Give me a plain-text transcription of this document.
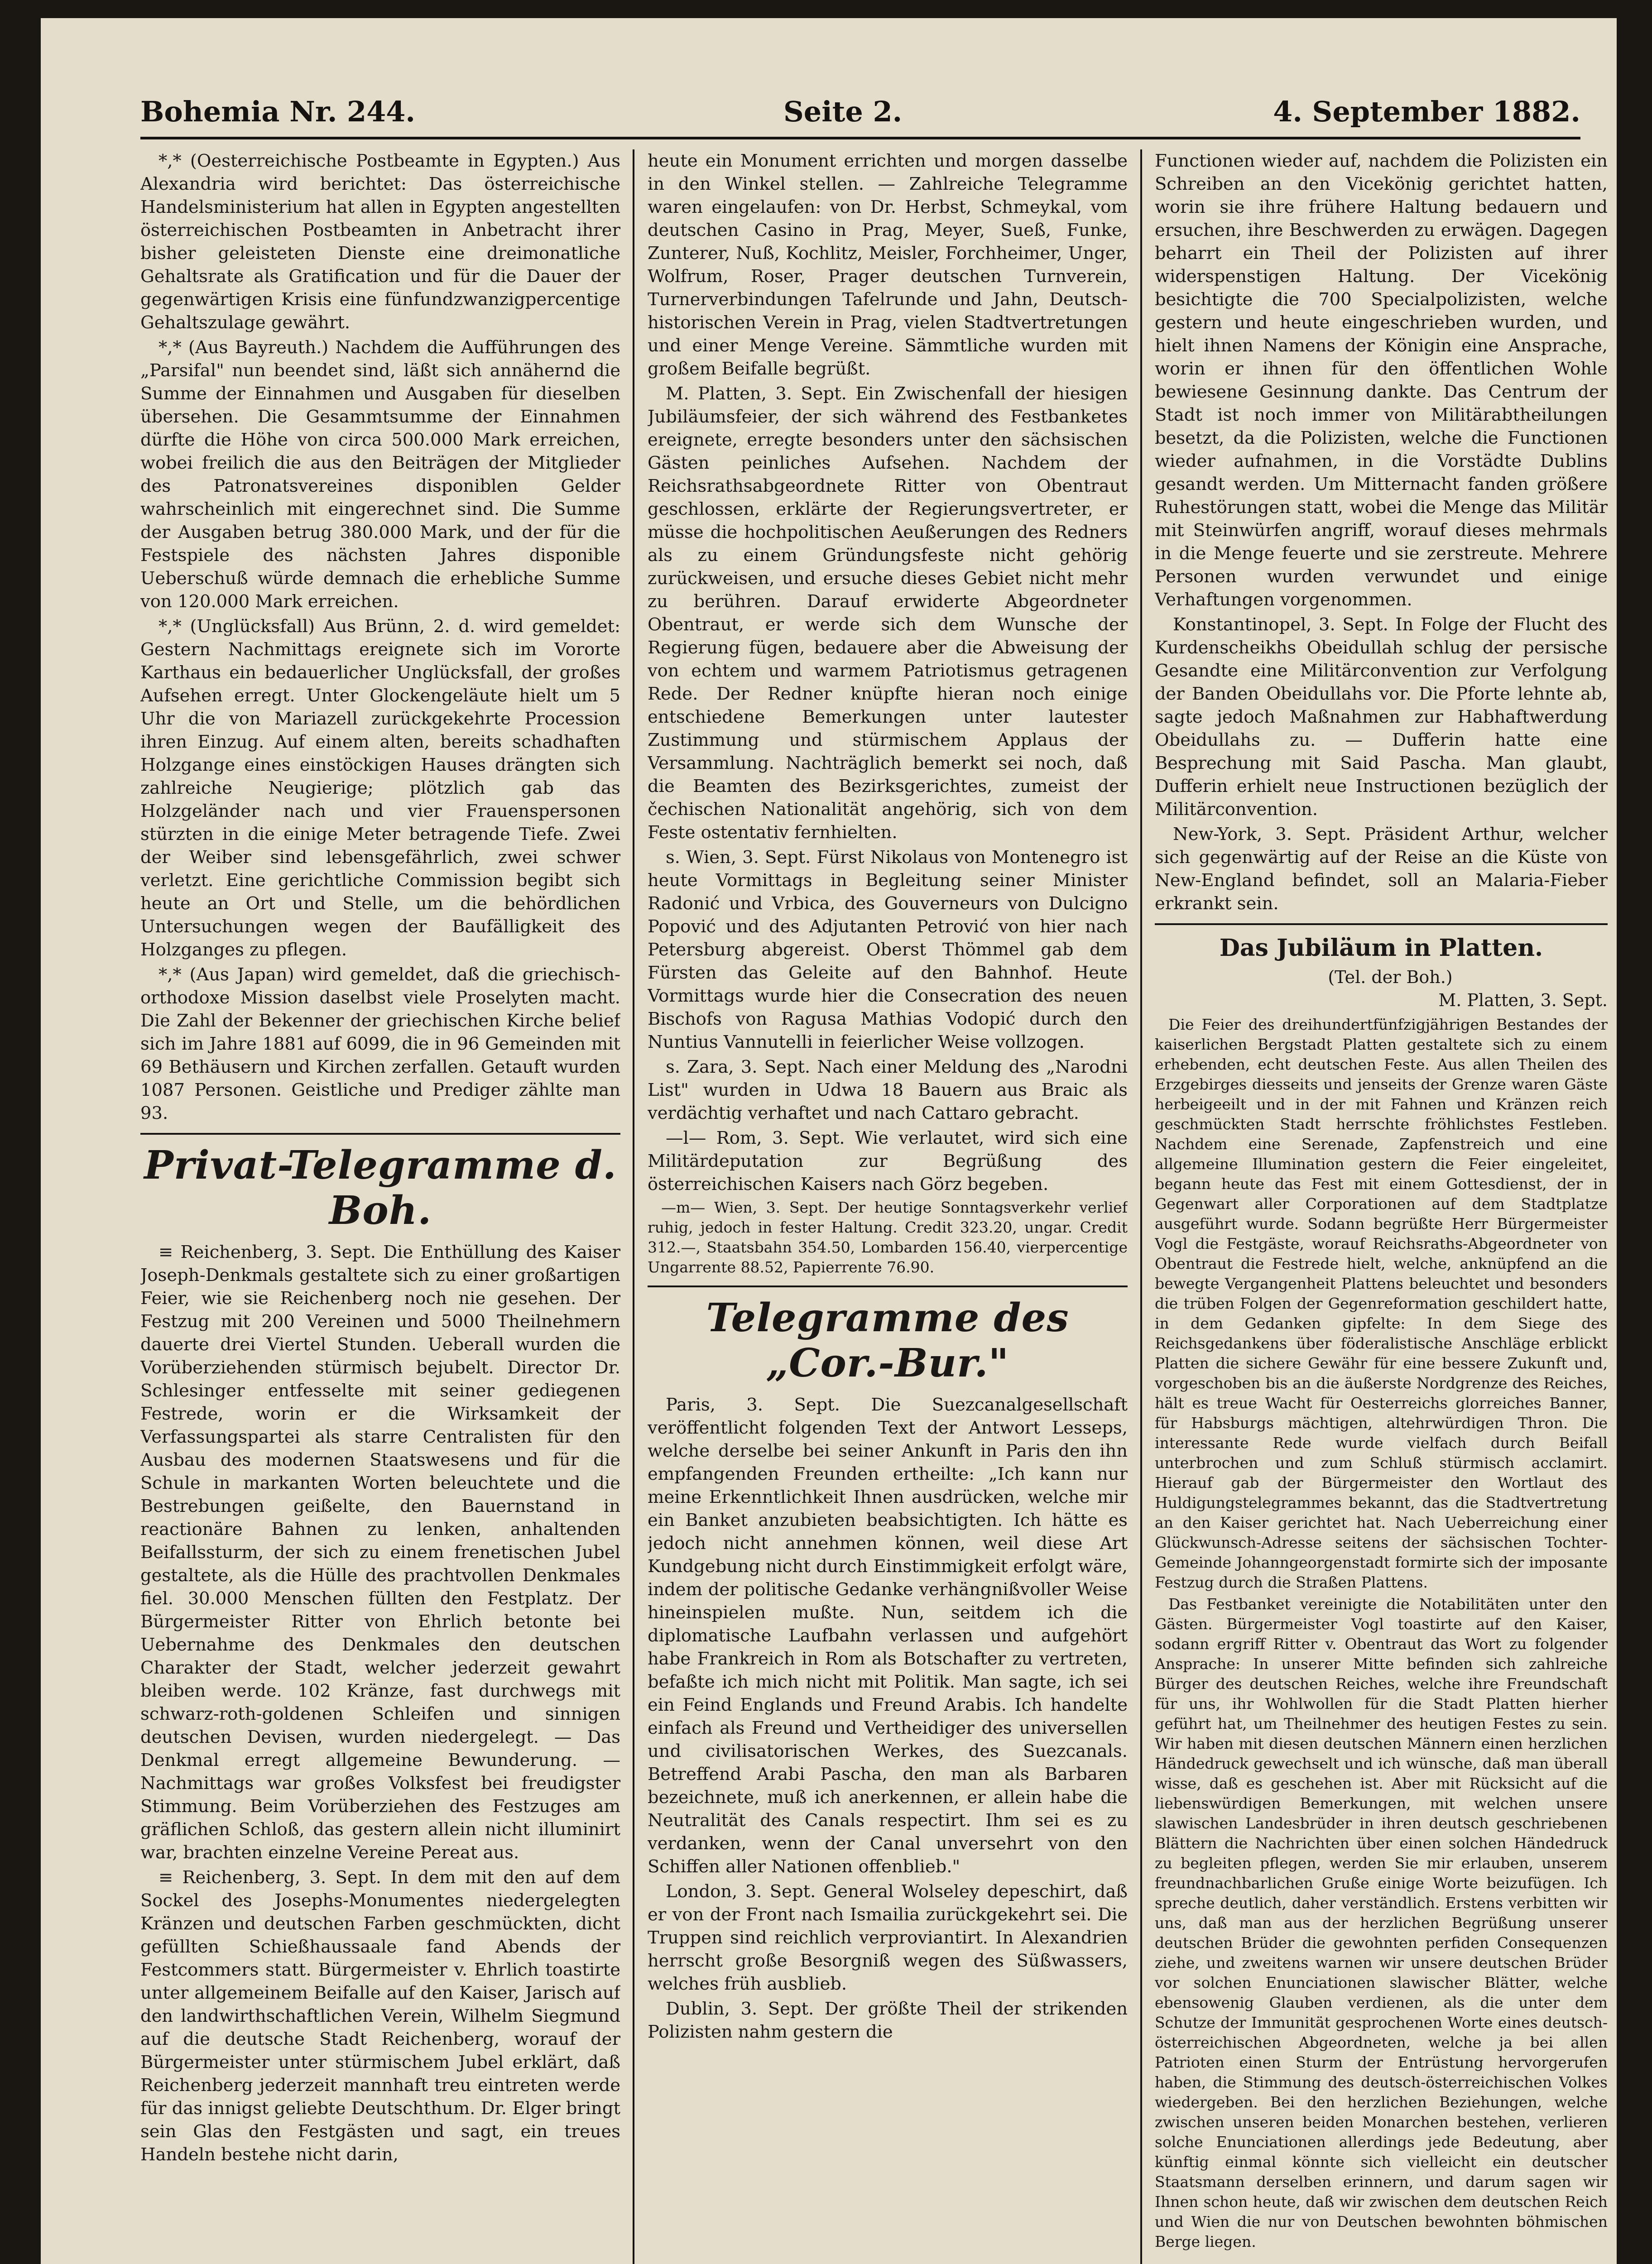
Bohemia Nr. 244.	Seite 2.	4. September 1882.

*,* (Oesterreichische Postbeamte in Egypten.) Aus Alexandria wird berichtet: Das österreichische Handelsministerium hat allen in Egypten angestellten österreichischen Postbeamten in Anbetracht ihrer bisher geleisteten Dienste eine dreimonatliche Gehaltsrate als Gratification und für die Dauer der gegenwärtigen Krisis eine fünfundzwanzigpercentige Gehaltszulage gewährt.

*,* (Aus Bayreuth.) Nachdem die Aufführungen des „Parsifal" nun beendet sind, läßt sich annähernd die Summe der Einnahmen und Ausgaben für dieselben übersehen. Die Gesammtsumme der Einnahmen dürfte die Höhe von circa 500.000 Mark erreichen, wobei freilich die aus den Beiträgen der Mitglieder des Patronatsvereines disponiblen Gelder wahrscheinlich mit eingerechnet sind. Die Summe der Ausgaben betrug 380.000 Mark, und der für die Festspiele des nächsten Jahres disponible Ueberschuß würde demnach die erhebliche Summe von 120.000 Mark erreichen.

*,* (Unglücksfall) Aus Brünn, 2. d. wird gemeldet: Gestern Nachmittags ereignete sich im Vororte Karthaus ein bedauerlicher Unglücksfall, der großes Aufsehen erregt. Unter Glockengeläute hielt um 5 Uhr die von Mariazell zurückgekehrte Procession ihren Einzug. Auf einem alten, bereits schadhaften Holzgange eines einstöckigen Hauses drängten sich zahlreiche Neugierige; plötzlich gab das Holzgeländer nach und vier Frauenspersonen stürzten in die einige Meter betragende Tiefe. Zwei der Weiber sind lebensgefährlich, zwei schwer verletzt. Eine gerichtliche Commission begibt sich heute an Ort und Stelle, um die behördlichen Untersuchungen wegen der Baufälligkeit des Holzganges zu pflegen.

*,* (Aus Japan) wird gemeldet, daß die griechisch-orthodoxe Mission daselbst viele Proselyten macht. Die Zahl der Bekenner der griechischen Kirche belief sich im Jahre 1881 auf 6099, die in 96 Gemeinden mit 69 Bethäusern und Kirchen zerfallen. Getauft wurden 1087 Personen. Geistliche und Prediger zählte man 93.

Privat-Telegramme d. Boh.

≡ Reichenberg, 3. Sept. Die Enthüllung des Kaiser Joseph-Denkmals gestaltete sich zu einer großartigen Feier, wie sie Reichenberg noch nie gesehen. Der Festzug mit 200 Vereinen und 5000 Theilnehmern dauerte drei Viertel Stunden. Ueberall wurden die Vorüberziehenden stürmisch bejubelt. Director Dr. Schlesinger entfesselte mit seiner gediegenen Festrede, worin er die Wirksamkeit der Verfassungspartei als starre Centralisten für den Ausbau des modernen Staatswesens und für die Schule in markanten Worten beleuchtete und die Bestrebungen geißelte, den Bauernstand in reactionäre Bahnen zu lenken, anhaltenden Beifallssturm, der sich zu einem frenetischen Jubel gestaltete, als die Hülle des prachtvollen Denkmales fiel. 30.000 Menschen füllten den Festplatz. Der Bürgermeister Ritter von Ehrlich betonte bei Uebernahme des Denkmales den deutschen Charakter der Stadt, welcher jederzeit gewahrt bleiben werde. 102 Kränze, fast durchwegs mit schwarz-roth-goldenen Schleifen und sinnigen deutschen Devisen, wurden niedergelegt. — Das Denkmal erregt allgemeine Bewunderung. — Nachmittags war großes Volksfest bei freudigster Stimmung. Beim Vorüberziehen des Festzuges am gräflichen Schloß, das gestern allein nicht illuminirt war, brachten einzelne Vereine Pereat aus.

≡ Reichenberg, 3. Sept. In dem mit den auf dem Sockel des Josephs-Monumentes niedergelegten Kränzen und deutschen Farben geschmückten, dicht gefüllten Schießhaussaale fand Abends der Festcommers statt. Bürgermeister v. Ehrlich toastirte unter allgemeinem Beifalle auf den Kaiser, Jarisch auf den landwirthschaftlichen Verein, Wilhelm Siegmund auf die deutsche Stadt Reichenberg, worauf der Bürgermeister unter stürmischem Jubel erklärt, daß Reichenberg jederzeit mannhaft treu eintreten werde für das innigst geliebte Deutschthum. Dr. Elger bringt sein Glas den Festgästen und sagt, ein treues Handeln bestehe nicht darin,

heute ein Monument errichten und morgen dasselbe in den Winkel stellen. — Zahlreiche Telegramme waren eingelaufen: von Dr. Herbst, Schmeykal, vom deutschen Casino in Prag, Meyer, Sueß, Funke, Zunterer, Nuß, Kochlitz, Meisler, Forchheimer, Unger, Wolfrum, Roser, Prager deutschen Turnverein, Turnerverbindungen Tafelrunde und Jahn, Deutsch-historischen Verein in Prag, vielen Stadtvertretungen und einer Menge Vereine. Sämmtliche wurden mit großem Beifalle begrüßt.

M. Platten, 3. Sept. Ein Zwischenfall der hiesigen Jubiläumsfeier, der sich während des Festbanketes ereignete, erregte besonders unter den sächsischen Gästen peinliches Aufsehen. Nachdem der Reichsrathsabgeordnete Ritter von Obentraut geschlossen, erklärte der Regierungsvertreter, er müsse die hochpolitischen Aeußerungen des Redners als zu einem Gründungsfeste nicht gehörig zurückweisen, und ersuche dieses Gebiet nicht mehr zu berühren. Darauf erwiderte Abgeordneter Obentraut, er werde sich dem Wunsche der Regierung fügen, bedauere aber die Abweisung der von echtem und warmem Patriotismus getragenen Rede. Der Redner knüpfte hieran noch einige entschiedene Bemerkungen unter lautester Zustimmung und stürmischem Applaus der Versammlung. Nachträglich bemerkt sei noch, daß die Beamten des Bezirksgerichtes, zumeist der čechischen Nationalität angehörig, sich von dem Feste ostentativ fernhielten.

s. Wien, 3. Sept. Fürst Nikolaus von Montenegro ist heute Vormittags in Begleitung seiner Minister Radonić und Vrbica, des Gouverneurs von Dulcigno Popović und des Adjutanten Petrović von hier nach Petersburg abgereist. Oberst Thömmel gab dem Fürsten das Geleite auf den Bahnhof. Heute Vormittags wurde hier die Consecration des neuen Bischofs von Ragusa Mathias Vodopić durch den Nuntius Vannutelli in feierlicher Weise vollzogen.

s. Zara, 3. Sept. Nach einer Meldung des „Narodni List" wurden in Udwa 18 Bauern aus Braic als verdächtig verhaftet und nach Cattaro gebracht.

—l— Rom, 3. Sept. Wie verlautet, wird sich eine Militärdeputation zur Begrüßung des österreichischen Kaisers nach Görz begeben.

—m— Wien, 3. Sept. Der heutige Sonntagsverkehr verlief ruhig, jedoch in fester Haltung. Credit 323.20, ungar. Credit 312.—, Staatsbahn 354.50, Lombarden 156.40, vierpercentige Ungarrente 88.52, Papierrente 76.90.

Telegramme des „Cor.-Bur."

Paris, 3. Sept. Die Suezcanalgesellschaft veröffentlicht folgenden Text der Antwort Lesseps, welche derselbe bei seiner Ankunft in Paris den ihn empfangenden Freunden ertheilte: „Ich kann nur meine Erkenntlichkeit Ihnen ausdrücken, welche mir ein Banket anzubieten beabsichtigten. Ich hätte es jedoch nicht annehmen können, weil diese Art Kundgebung nicht durch Einstimmigkeit erfolgt wäre, indem der politische Gedanke verhängnißvoller Weise hineinspielen mußte. Nun, seitdem ich die diplomatische Laufbahn verlassen und aufgehört habe Frankreich in Rom als Botschafter zu vertreten, befaßte ich mich nicht mit Politik. Man sagte, ich sei ein Feind Englands und Freund Arabis. Ich handelte einfach als Freund und Vertheidiger des universellen und civilisatorischen Werkes, des Suezcanals. Betreffend Arabi Pascha, den man als Barbaren bezeichnete, muß ich anerkennen, er allein habe die Neutralität des Canals respectirt. Ihm sei es zu verdanken, wenn der Canal unversehrt von den Schiffen aller Nationen offenblieb."

London, 3. Sept. General Wolseley depeschirt, daß er von der Front nach Ismailia zurückgekehrt sei. Die Truppen sind reichlich verproviantirt. In Alexandrien herrscht große Besorgniß wegen des Süßwassers, welches früh ausblieb.

Dublin, 3. Sept. Der größte Theil der strikenden Polizisten nahm gestern die

Functionen wieder auf, nachdem die Polizisten ein Schreiben an den Vicekönig gerichtet hatten, worin sie ihre frühere Haltung bedauern und ersuchen, ihre Beschwerden zu erwägen. Dagegen beharrt ein Theil der Polizisten auf ihrer widerspenstigen Haltung. Der Vicekönig besichtigte die 700 Specialpolizisten, welche gestern und heute eingeschrieben wurden, und hielt ihnen Namens der Königin eine Ansprache, worin er ihnen für den öffentlichen Wohle bewiesene Gesinnung dankte. Das Centrum der Stadt ist noch immer von Militärabtheilungen besetzt, da die Polizisten, welche die Functionen wieder aufnahmen, in die Vorstädte Dublins gesandt werden. Um Mitternacht fanden größere Ruhestörungen statt, wobei die Menge das Militär mit Steinwürfen angriff, worauf dieses mehrmals in die Menge feuerte und sie zerstreute. Mehrere Personen wurden verwundet und einige Verhaftungen vorgenommen.

Konstantinopel, 3. Sept. In Folge der Flucht des Kurdenscheikhs Obeidullah schlug der persische Gesandte eine Militärconvention zur Verfolgung der Banden Obeidullahs vor. Die Pforte lehnte ab, sagte jedoch Maßnahmen zur Habhaftwerdung Obeidullahs zu. — Dufferin hatte eine Besprechung mit Said Pascha. Man glaubt, Dufferin erhielt neue Instructionen bezüglich der Militärconvention.

New-York, 3. Sept. Präsident Arthur, welcher sich gegenwärtig auf der Reise an die Küste von New-England befindet, soll an Malaria-Fieber erkrankt sein.

Das Jubiläum in Platten.

(Tel. der Boh.)

M. Platten, 3. Sept.

Die Feier des dreihundertfünfzigjährigen Bestandes der kaiserlichen Bergstadt Platten gestaltete sich zu einem erhebenden, echt deutschen Feste. Aus allen Theilen des Erzgebirges diesseits und jenseits der Grenze waren Gäste herbeigeeilt und in der mit Fahnen und Kränzen reich geschmückten Stadt herrschte fröhlichstes Festleben. Nachdem eine Serenade, Zapfenstreich und eine allgemeine Illumination gestern die Feier eingeleitet, begann heute das Fest mit einem Gottesdienst, der in Gegenwart aller Corporationen auf dem Stadtplatze ausgeführt wurde. Sodann begrüßte Herr Bürgermeister Vogl die Festgäste, worauf Reichsraths-Abgeordneter von Obentraut die Festrede hielt, welche, anknüpfend an die bewegte Vergangenheit Plattens beleuchtet und besonders die trüben Folgen der Gegenreformation geschildert hatte, in dem Gedanken gipfelte: In dem Siege des Reichsgedankens über föderalistische Anschläge erblickt Platten die sichere Gewähr für eine bessere Zukunft und, vorgeschoben bis an die äußerste Nordgrenze des Reiches, hält es treue Wacht für Oesterreichs glorreiches Banner, für Habsburgs mächtigen, altehrwürdigen Thron. Die interessante Rede wurde vielfach durch Beifall unterbrochen und zum Schluß stürmisch acclamirt. Hierauf gab der Bürgermeister den Wortlaut des Huldigungstelegrammes bekannt, das die Stadtvertretung an den Kaiser gerichtet hat. Nach Ueberreichung einer Glückwunsch-Adresse seitens der sächsischen Tochter-Gemeinde Johanngeorgenstadt formirte sich der imposante Festzug durch die Straßen Plattens.

Das Festbanket vereinigte die Notabilitäten unter den Gästen. Bürgermeister Vogl toastirte auf den Kaiser, sodann ergriff Ritter v. Obentraut das Wort zu folgender Ansprache: In unserer Mitte befinden sich zahlreiche Bürger des deutschen Reiches, welche ihre Freundschaft für uns, ihr Wohlwollen für die Stadt Platten hierher geführt hat, um Theilnehmer des heutigen Festes zu sein. Wir haben mit diesen deutschen Männern einen herzlichen Händedruck gewechselt und ich wünsche, daß man überall wisse, daß es geschehen ist. Aber mit Rücksicht auf die liebenswürdigen Bemerkungen, mit welchen unsere slawischen Landesbrüder in ihren deutsch geschriebenen Blättern die Nachrichten über einen solchen Händedruck zu begleiten pflegen, werden Sie mir erlauben, unserem freundnachbarlichen Gruße einige Worte beizufügen. Ich spreche deutlich, daher verständlich. Erstens verbitten wir uns, daß man aus der herzlichen Begrüßung unserer deutschen Brüder die gewohnten perfiden Consequenzen ziehe, und zweitens warnen wir unsere deutschen Brüder vor solchen Enunciationen slawischer Blätter, welche ebensowenig Glauben verdienen, als die unter dem Schutze der Immunität gesprochenen Worte eines deutsch-österreichischen Abgeordneten, welche ja bei allen Patrioten einen Sturm der Entrüstung hervorgerufen haben, die Stimmung des deutsch-österreichischen Volkes wiedergeben. Bei den herzlichen Beziehungen, welche zwischen unseren beiden Monarchen bestehen, verlieren solche Enunciationen allerdings jede Bedeutung, aber künftig einmal könnte sich vielleicht ein deutscher Staatsmann derselben erinnern, und darum sagen wir Ihnen schon heute, daß wir zwischen dem deutschen Reich und Wien die nur von Deutschen bewohnten böhmischen Berge liegen.
